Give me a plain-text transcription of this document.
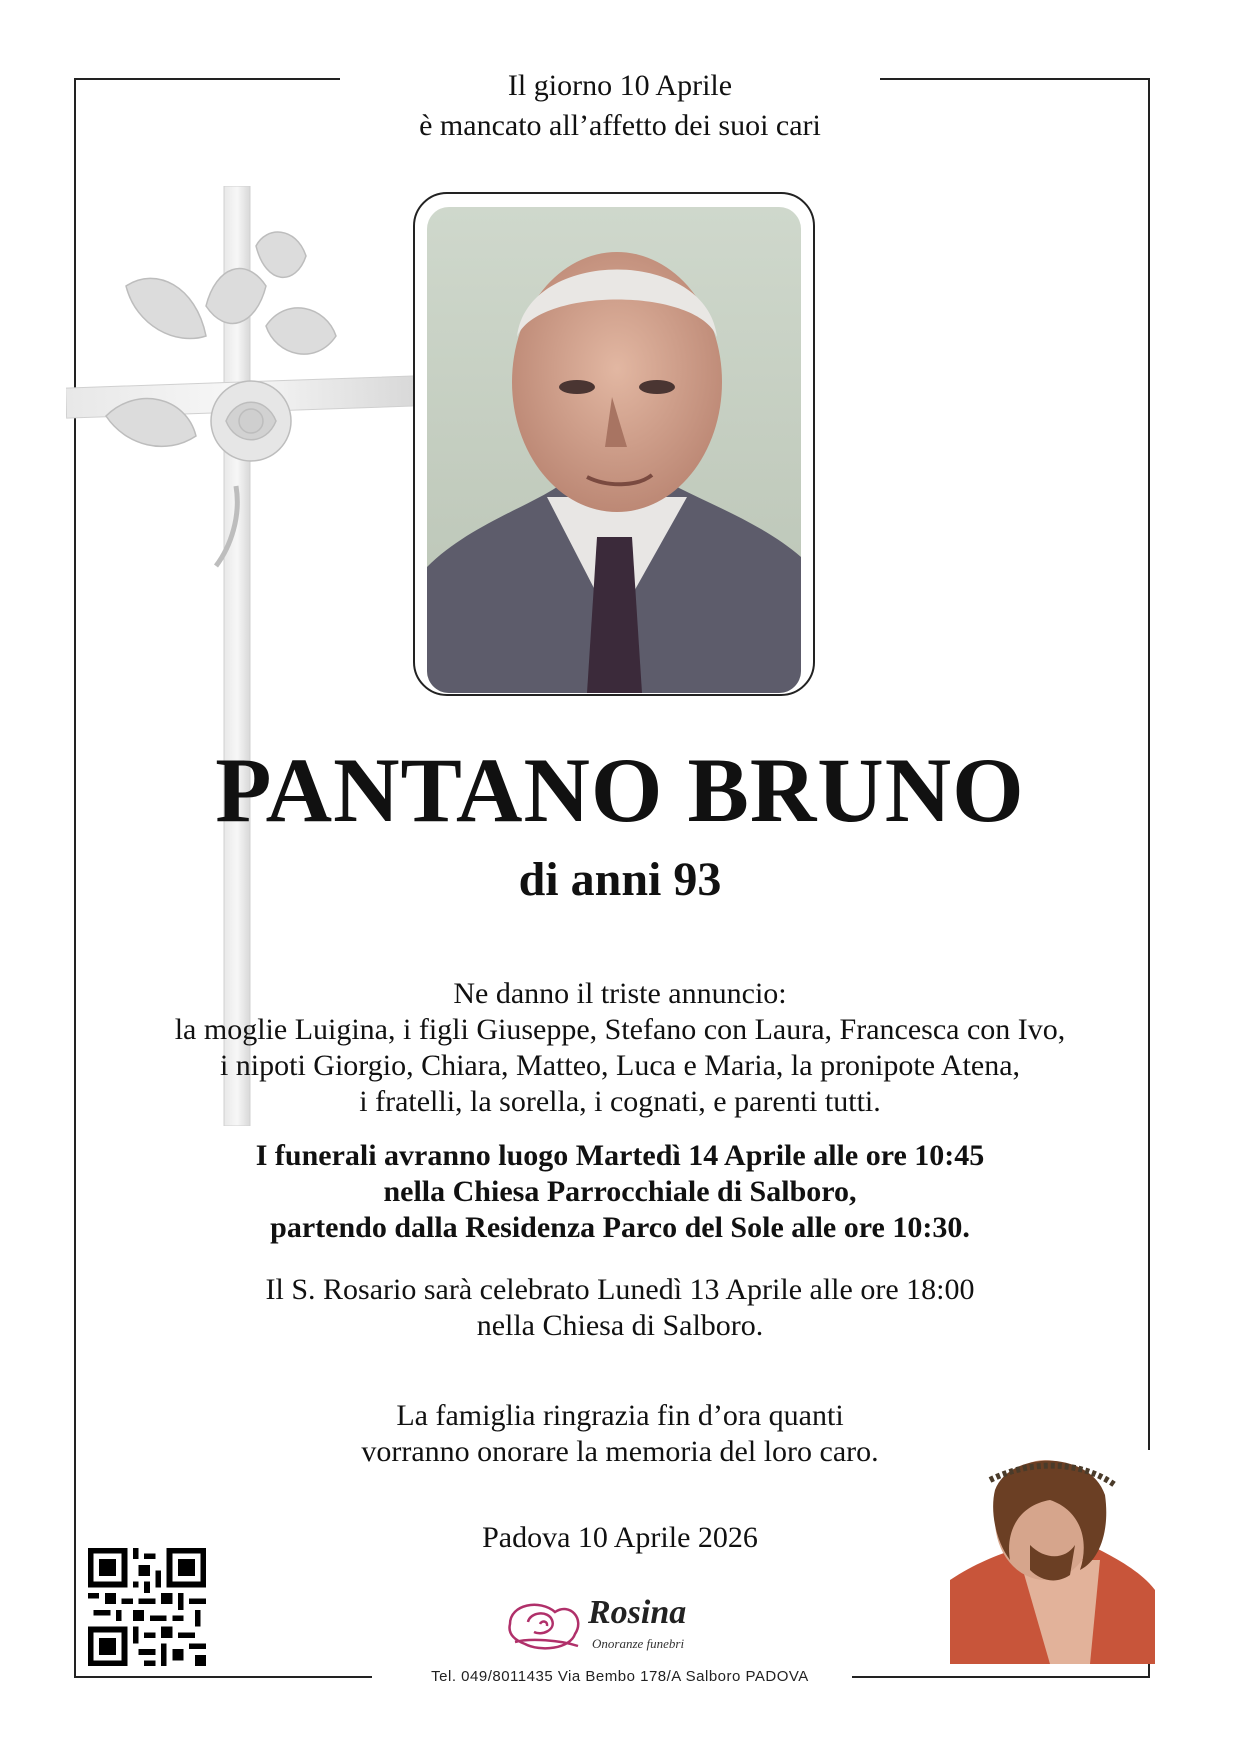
Il giorno 10 Aprile
è mancato all’affetto dei suoi cari
PANTANO BRUNO
di anni 93
Ne danno il triste annuncio:
la moglie Luigina, i figli Giuseppe, Stefano con Laura, Francesca con Ivo,
i nipoti Giorgio, Chiara, Matteo, Luca e Maria, la pronipote Atena,
i fratelli, la sorella, i cognati, e parenti tutti.
I funerali avranno luogo Martedì 14 Aprile alle ore 10:45
nella Chiesa Parrocchiale di Salboro,
partendo dalla Residenza Parco del Sole alle ore 10:30.
Il S. Rosario sarà celebrato Lunedì 13 Aprile alle ore 18:00
nella Chiesa di Salboro.
La famiglia ringrazia fin d’ora quanti
vorranno onorare la memoria del loro caro.
Padova 10 Aprile 2026
Rosina
Onoranze funebri
Tel. 049/8011435 Via Bembo 178/A Salboro PADOVA
